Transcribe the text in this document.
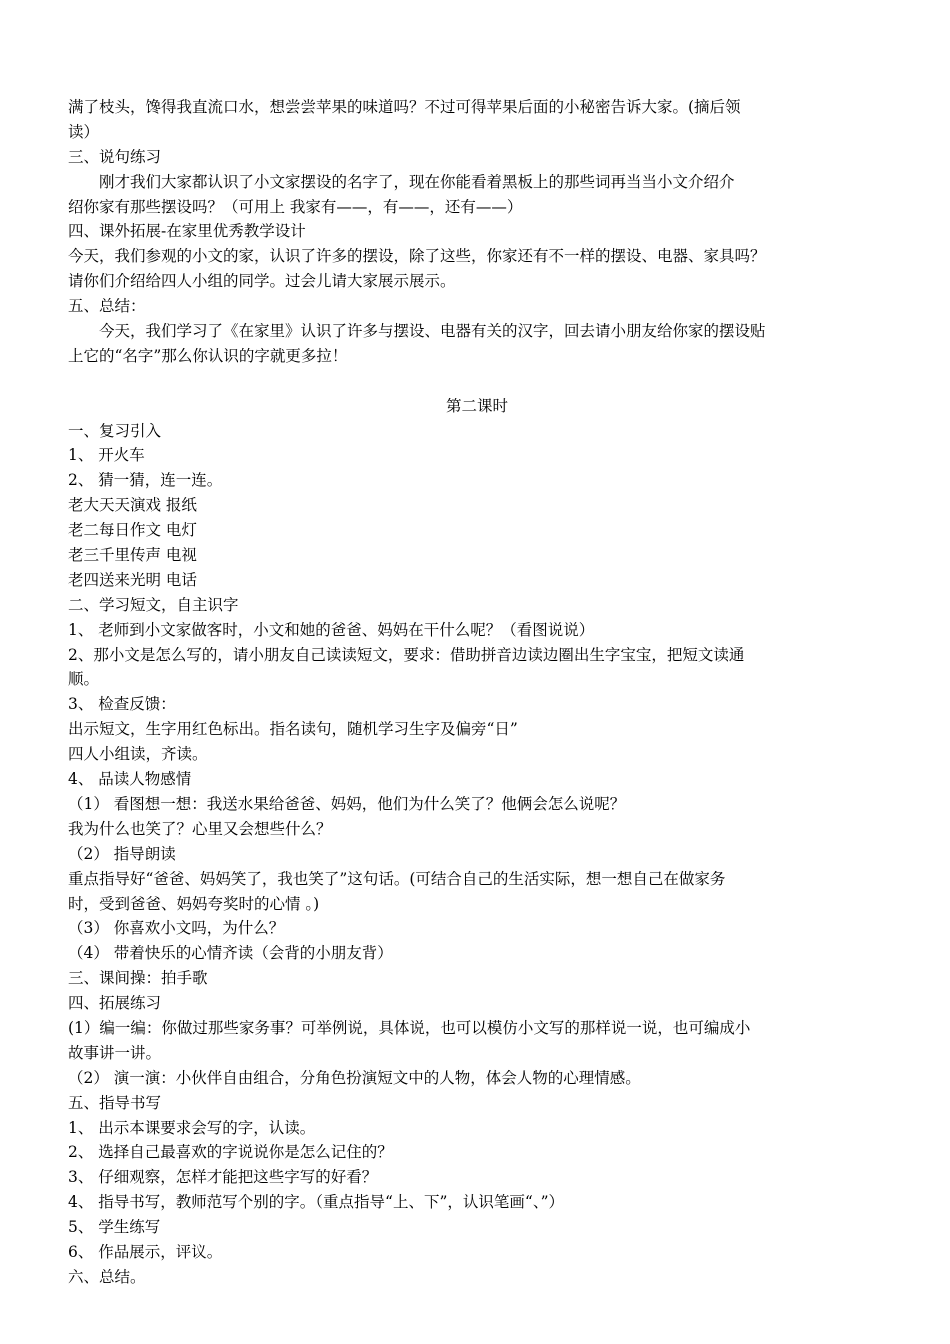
满了枝头，馋得我直流口水，想尝尝苹果的味道吗？不过可得苹果后面的小秘密告诉大家。(摘后领
读）
三、说句练习
刚才我们大家都认识了小文家摆设的名字了，现在你能看着黑板上的那些词再当当小文介绍介
绍你家有那些摆设吗？（可用上 我家有——，有——，还有——）
四、课外拓展-在家里优秀教学设计
今天，我们参观的小文的家，认识了许多的摆设，除了这些，你家还有不一样的摆设、电器、家具吗？
请你们介绍给四人小组的同学。过会儿请大家展示展示。
五、总结：
今天，我们学习了《在家里》认识了许多与摆设、电器有关的汉字，回去请小朋友给你家的摆设贴
上它的“名字”那么你认识的字就更多拉！
第二课时
一、复习引入
1、 开火车
2、 猜一猜，连一连。
老大天天演戏 报纸
老二每日作文 电灯
老三千里传声 电视
老四送来光明 电话
二、学习短文，自主识字
1、 老师到小文家做客时，小文和她的爸爸、妈妈在干什么呢？（看图说说）
2、那小文是怎么写的，请小朋友自己读读短文，要求：借助拼音边读边圈出生字宝宝，把短文读通
顺。
3、 检查反馈：
出示短文，生字用红色标出。指名读句，随机学习生字及偏旁“日”
四人小组读，齐读。
4、 品读人物感情
（1） 看图想一想：我送水果给爸爸、妈妈，他们为什么笑了？他俩会怎么说呢？
我为什么也笑了？心里又会想些什么？
（2） 指导朗读
重点指导好“爸爸、妈妈笑了，我也笑了”这句话。(可结合自己的生活实际，想一想自己在做家务
时，受到爸爸、妈妈夸奖时的心情 。)
（3） 你喜欢小文吗，为什么？
（4） 带着快乐的心情齐读（会背的小朋友背）
三、课间操：拍手歌
四、拓展练习
(1）编一编：你做过那些家务事？可举例说，具体说，也可以模仿小文写的那样说一说，也可编成小
故事讲一讲。
（2） 演一演：小伙伴自由组合，分角色扮演短文中的人物，体会人物的心理情感。
五、指导书写
1、 出示本课要求会写的字，认读。
2、 选择自己最喜欢的字说说你是怎么记住的？
3、 仔细观察，怎样才能把这些字写的好看？
4、 指导书写，教师范写个别的字。（重点指导“上、下”，认识笔画“、”）
5、 学生练写
6、 作品展示，评议。
六、总结。
